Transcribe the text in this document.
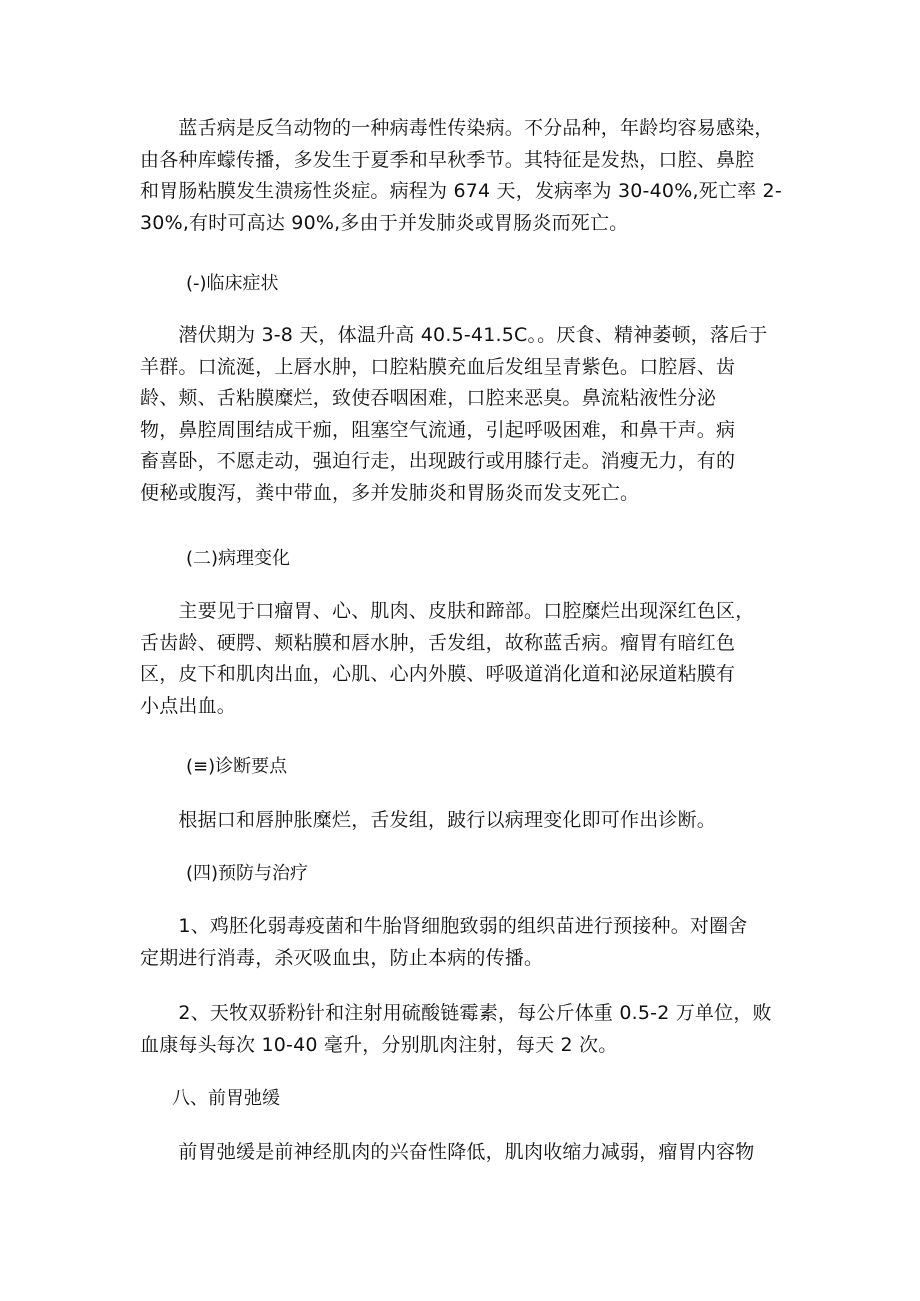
　　蓝舌病是反刍动物的一种病毒性传染病。不分品种，年龄均容易感染，
由各种库蠓传播，多发生于夏季和早秋季节。其特征是发热，口腔、鼻腔
和胃肠粘膜发生溃疡性炎症。病程为 674 天，发病率为 30-40%,死亡率 2-
30%,有时可高达 90%,多由于并发肺炎或胃肠炎而死亡。

(-)临床症状

　　潜伏期为 3-8 天，体温升高 40.5-41.5C。。厌食、精神萎顿，落后于
羊群。口流涎，上唇水肿，口腔粘膜充血后发组呈青紫色。口腔唇、齿
龄、颊、舌粘膜糜烂，致使吞咽困难，口腔来恶臭。鼻流粘液性分泌
物，鼻腔周围结成干痂，阻塞空气流通，引起呼吸困难，和鼻干声。病
畜喜卧，不愿走动，强迫行走，出现跛行或用膝行走。消瘦无力，有的
便秘或腹泻，粪中带血，多并发肺炎和胃肠炎而发支死亡。

(二)病理变化

　　主要见于口瘤胃、心、肌肉、皮肤和蹄部。口腔糜烂出现深红色区，
舌齿龄、硬腭、颊粘膜和唇水肿，舌发组，故称蓝舌病。瘤胃有暗红色
区，皮下和肌肉出血，心肌、心内外膜、呼吸道消化道和泌尿道粘膜有
小点出血。

(≡)诊断要点

　　根据口和唇肿胀糜烂，舌发组，跛行以病理变化即可作出诊断。

(四)预防与治疗

　　1、鸡胚化弱毒疫菌和牛胎肾细胞致弱的组织苗进行预接种。对圈舍
定期进行消毒，杀灭吸血虫，防止本病的传播。

　　2、天牧双骄粉针和注射用硫酸链霉素，每公斤体重 0.5-2 万单位，败
血康每头每次 10-40 毫升，分别肌肉注射，每天 2 次。

八、前胃弛缓

　　前胃弛缓是前神经肌肉的兴奋性降低，肌肉收缩力减弱，瘤胃内容物
